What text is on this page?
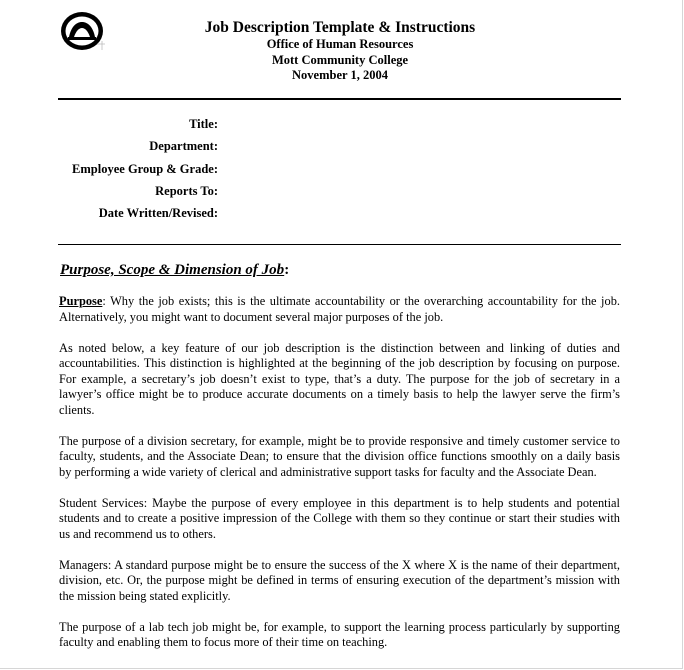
Job Description Template & Instructions
Office of Human Resources
Mott Community College
November 1, 2004
Title:
Department:
Employee Group & Grade:
Reports To:
Date Written/Revised:
Purpose, Scope & Dimension of Job:

Purpose: Why the job exists; this is the ultimate accountability or the overarching accountability for the job. Alternatively, you might want to document several major purposes of the job.

As noted below, a key feature of our job description is the distinction between and linking of duties and accountabilities. This distinction is highlighted at the beginning of the job description by focusing on purpose. For example, a secretary’s job doesn’t exist to type, that’s a duty. The purpose for the job of secretary in a lawyer’s office might be to produce accurate documents on a timely basis to help the lawyer serve the firm’s clients.

The purpose of a division secretary, for example, might be to provide responsive and timely customer service to faculty, students, and the Associate Dean; to ensure that the division office functions smoothly on a daily basis by performing a wide variety of clerical and administrative support tasks for faculty and the Associate Dean.

Student Services: Maybe the purpose of every employee in this department is to help students and potential students and to create a positive impression of the College with them so they continue or start their studies with us and recommend us to others.

Managers: A standard purpose might be to ensure the success of the X where X is the name of their department, division, etc. Or, the purpose might be defined in terms of ensuring execution of the department’s mission with the mission being stated explicitly.

The purpose of a lab tech job might be, for example, to support the learning process particularly by supporting faculty and enabling them to focus more of their time on teaching.
